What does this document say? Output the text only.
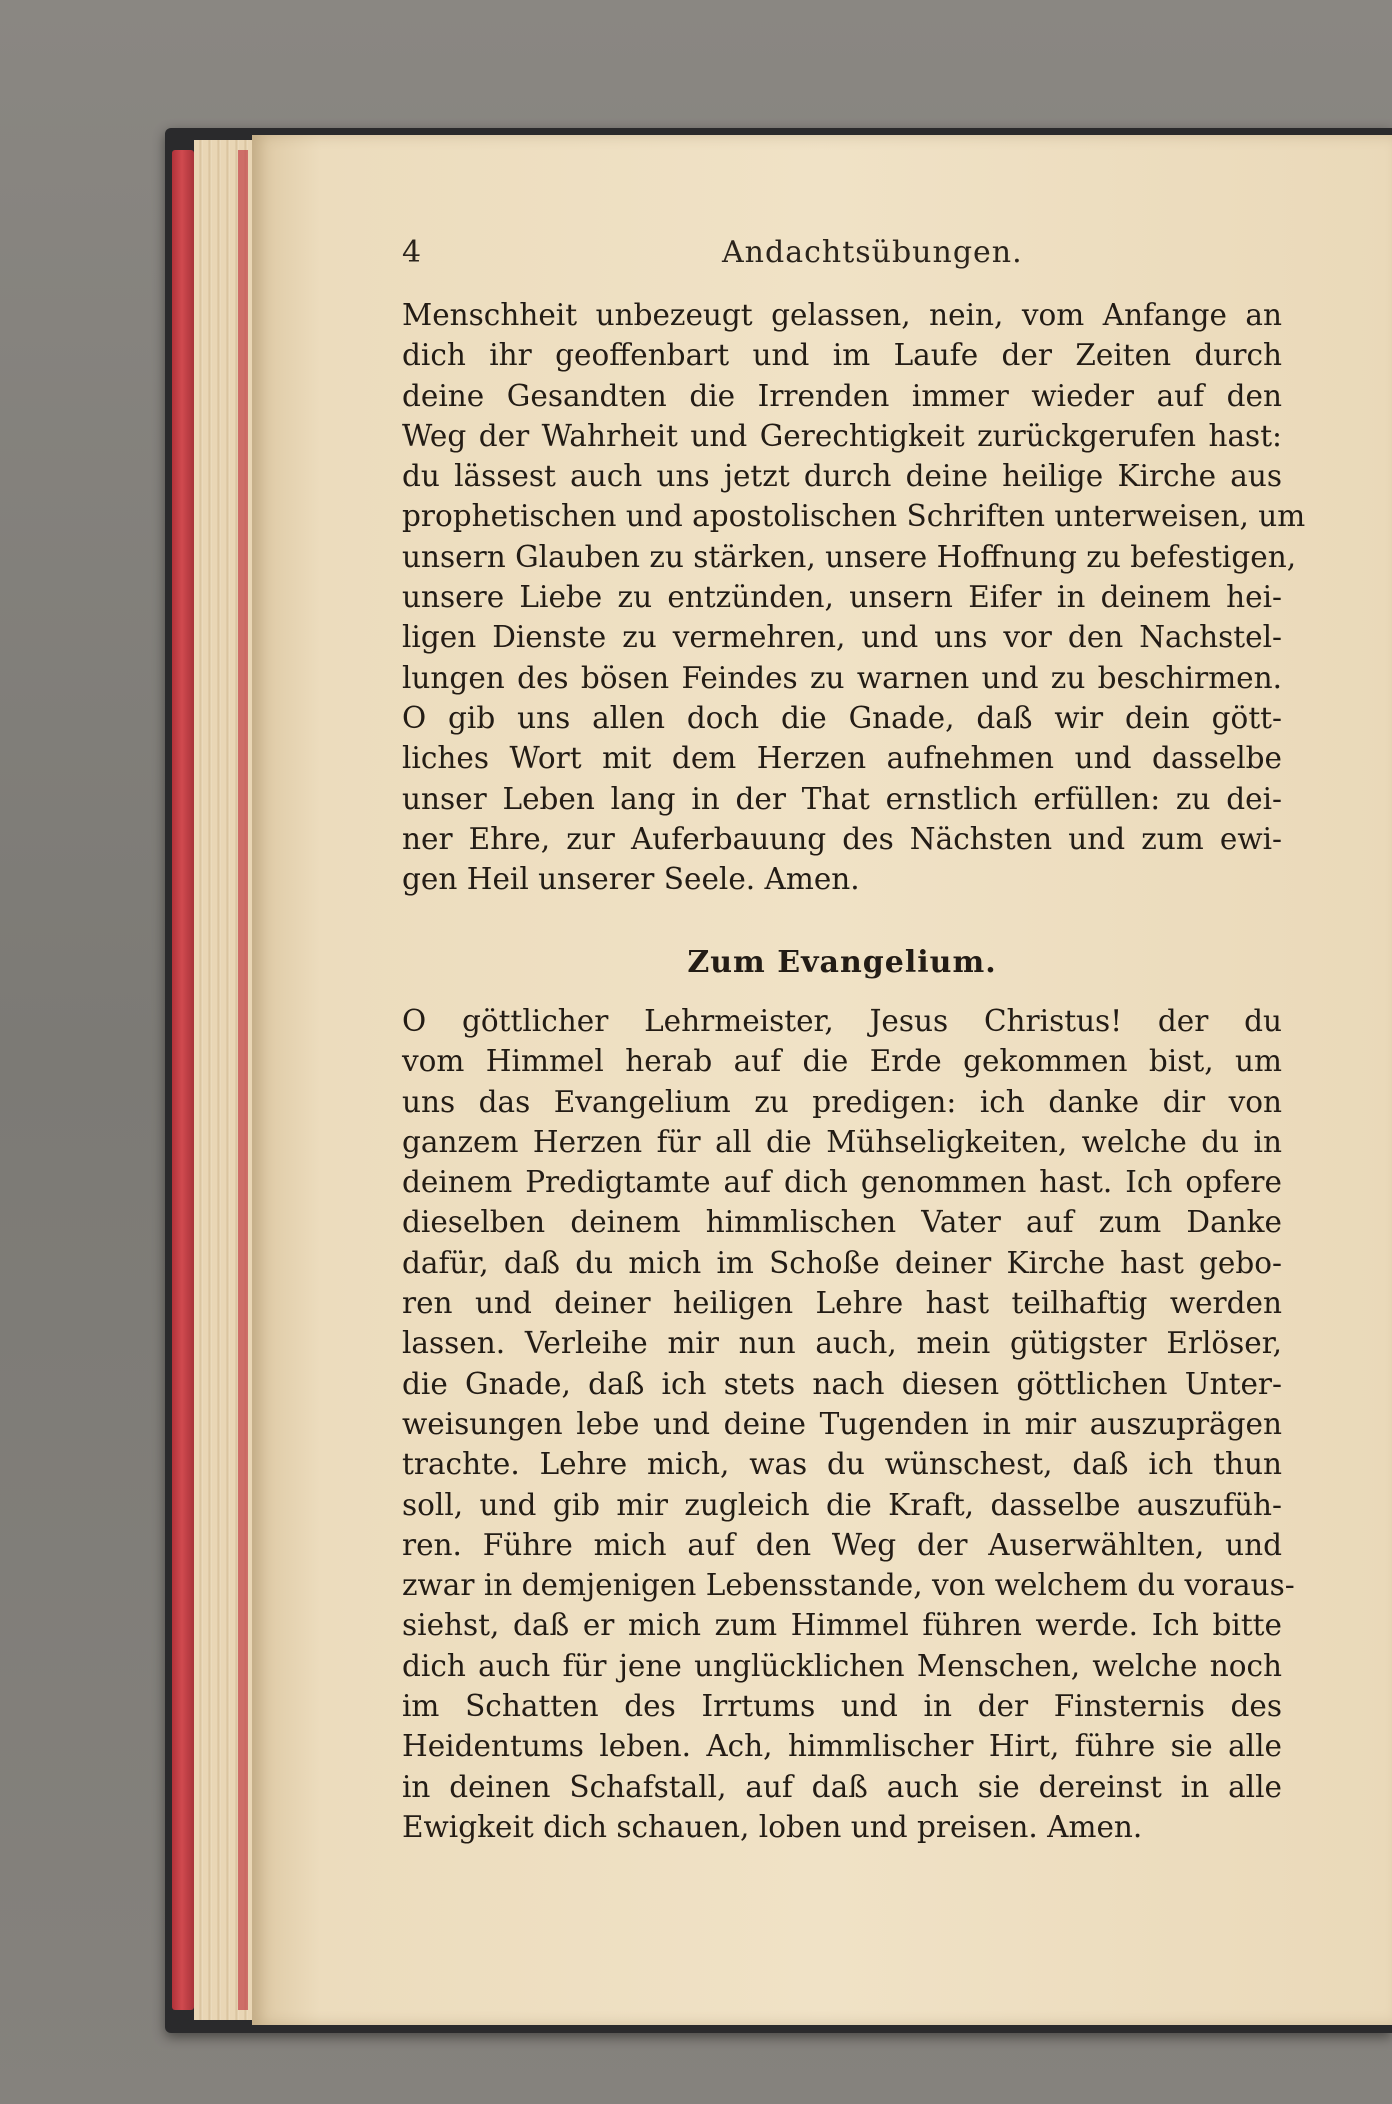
4	Andachtsübungen.
Menschheit unbezeugt gelassen, nein, vom Anfange an
dich ihr geoffenbart und im Laufe der Zeiten durch
deine Gesandten die Irrenden immer wieder auf den
Weg der Wahrheit und Gerechtigkeit zurückgerufen hast:
du lässest auch uns jetzt durch deine heilige Kirche aus
prophetischen und apostolischen Schriften unterweisen, um
unsern Glauben zu stärken, unsere Hoffnung zu befestigen,
unsere Liebe zu entzünden, unsern Eifer in deinem hei-
ligen Dienste zu vermehren, und uns vor den Nachstel-
lungen des bösen Feindes zu warnen und zu beschirmen.
O gib uns allen doch die Gnade, daß wir dein gött-
liches Wort mit dem Herzen aufnehmen und dasselbe
unser Leben lang in der That ernstlich erfüllen: zu dei-
ner Ehre, zur Auferbauung des Nächsten und zum ewi-
gen Heil unserer Seele. Amen.
Zum Evangelium.
O göttlicher Lehrmeister, Jesus Christus! der du
vom Himmel herab auf die Erde gekommen bist, um
uns das Evangelium zu predigen: ich danke dir von
ganzem Herzen für all die Mühseligkeiten, welche du in
deinem Predigtamte auf dich genommen hast. Ich opfere
dieselben deinem himmlischen Vater auf zum Danke
dafür, daß du mich im Schoße deiner Kirche hast gebo-
ren und deiner heiligen Lehre hast teilhaftig werden
lassen. Verleihe mir nun auch, mein gütigster Erlöser,
die Gnade, daß ich stets nach diesen göttlichen Unter-
weisungen lebe und deine Tugenden in mir auszuprägen
trachte. Lehre mich, was du wünschest, daß ich thun
soll, und gib mir zugleich die Kraft, dasselbe auszufüh-
ren. Führe mich auf den Weg der Auserwählten, und
zwar in demjenigen Lebensstande, von welchem du voraus-
siehst, daß er mich zum Himmel führen werde. Ich bitte
dich auch für jene unglücklichen Menschen, welche noch
im Schatten des Irrtums und in der Finsternis des
Heidentums leben. Ach, himmlischer Hirt, führe sie alle
in deinen Schafstall, auf daß auch sie dereinst in alle
Ewigkeit dich schauen, loben und preisen. Amen.
